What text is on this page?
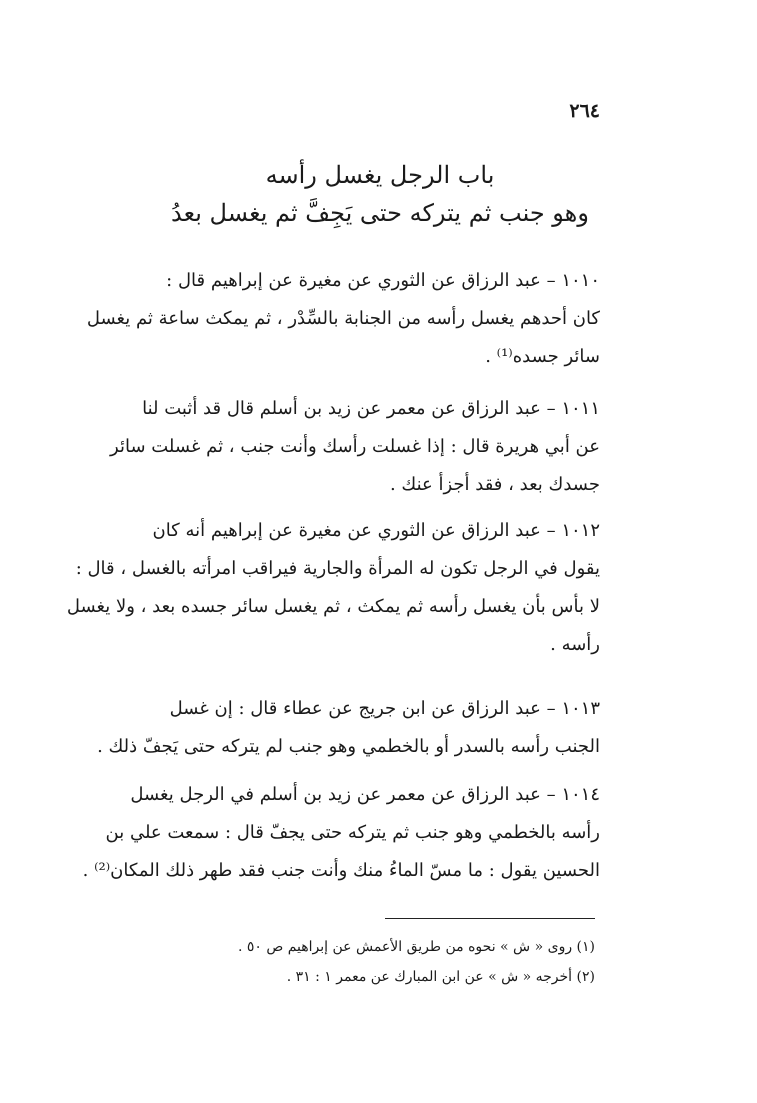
٢٦٤
باب الرجل يغسل رأسه
وهو جنب ثم يتركه حتى يَجِفَّ ثم يغسل بعدُ
١٠١٠ – عبد الرزاق عن الثوري عن مغيرة عن إبراهيم قال :
كان أحدهم يغسل رأسه من الجنابة بالسِّدْر ، ثم يمكث ساعة ثم يغسل
سائر جسده⁽¹⁾ .
١٠١١ – عبد الرزاق عن معمر عن زيد بن أسلم قال قد أثبت لنا
عن أبي هريرة قال : إذا غسلت رأسك وأنت جنب ، ثم غسلت سائر
جسدك بعد ، فقد أجزأ عنك .
١٠١٢ – عبد الرزاق عن الثوري عن مغيرة عن إبراهيم أنه كان
يقول في الرجل تكون له المرأة والجارية فيراقب امرأته بالغسل ، قال :
لا بأس بأن يغسل رأسه ثم يمكث ، ثم يغسل سائر جسده بعد ، ولا يغسل
رأسه .
١٠١٣ – عبد الرزاق عن ابن جريج عن عطاء قال : إن غسل
الجنب رأسه بالسدر أو بالخطمي وهو جنب لم يتركه حتى يَجفّ ذلك .
١٠١٤ – عبد الرزاق عن معمر عن زيد بن أسلم في الرجل يغسل
رأسه بالخطمي وهو جنب ثم يتركه حتى يجفّ قال : سمعت علي بن
الحسين يقول : ما مسّ الماءُ منك وأنت جنب فقد طهر ذلك المكان⁽²⁾ .
(١) روى « ش » نحوه من طريق الأعمش عن إبراهيم ص ٥٠ .
(٢) أخرجه « ش » عن ابن المبارك عن معمر ١ : ٣١ .
